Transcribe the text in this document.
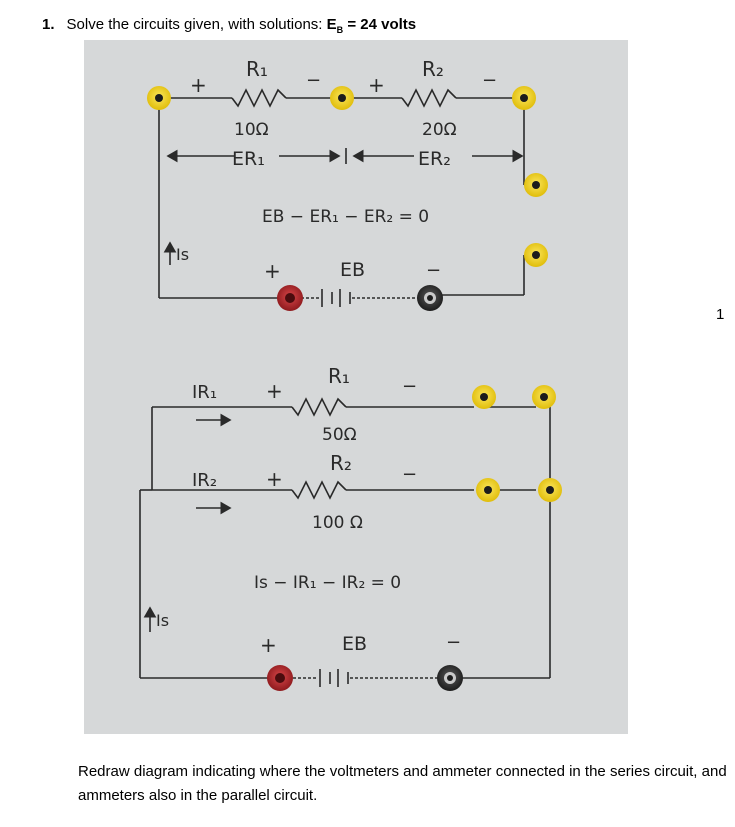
1. Solve the circuits given, with solutions: $E_B = 24$ volts
1
R₁
10Ω
R₂
20Ω
+	− +	−
ER₁	ER₂
EB − ER₁ − ER₂ = 0
Is
+	EB	−
R₁
50Ω
R₂
100 Ω
IR₁
IR₂
+	−
+	−
Is − IR₁ − IR₂ = 0
Is
+	EB	−
Redraw diagram indicating where the voltmeters and ammeter connected in the series circuit, and ammeters also in the parallel circuit.
